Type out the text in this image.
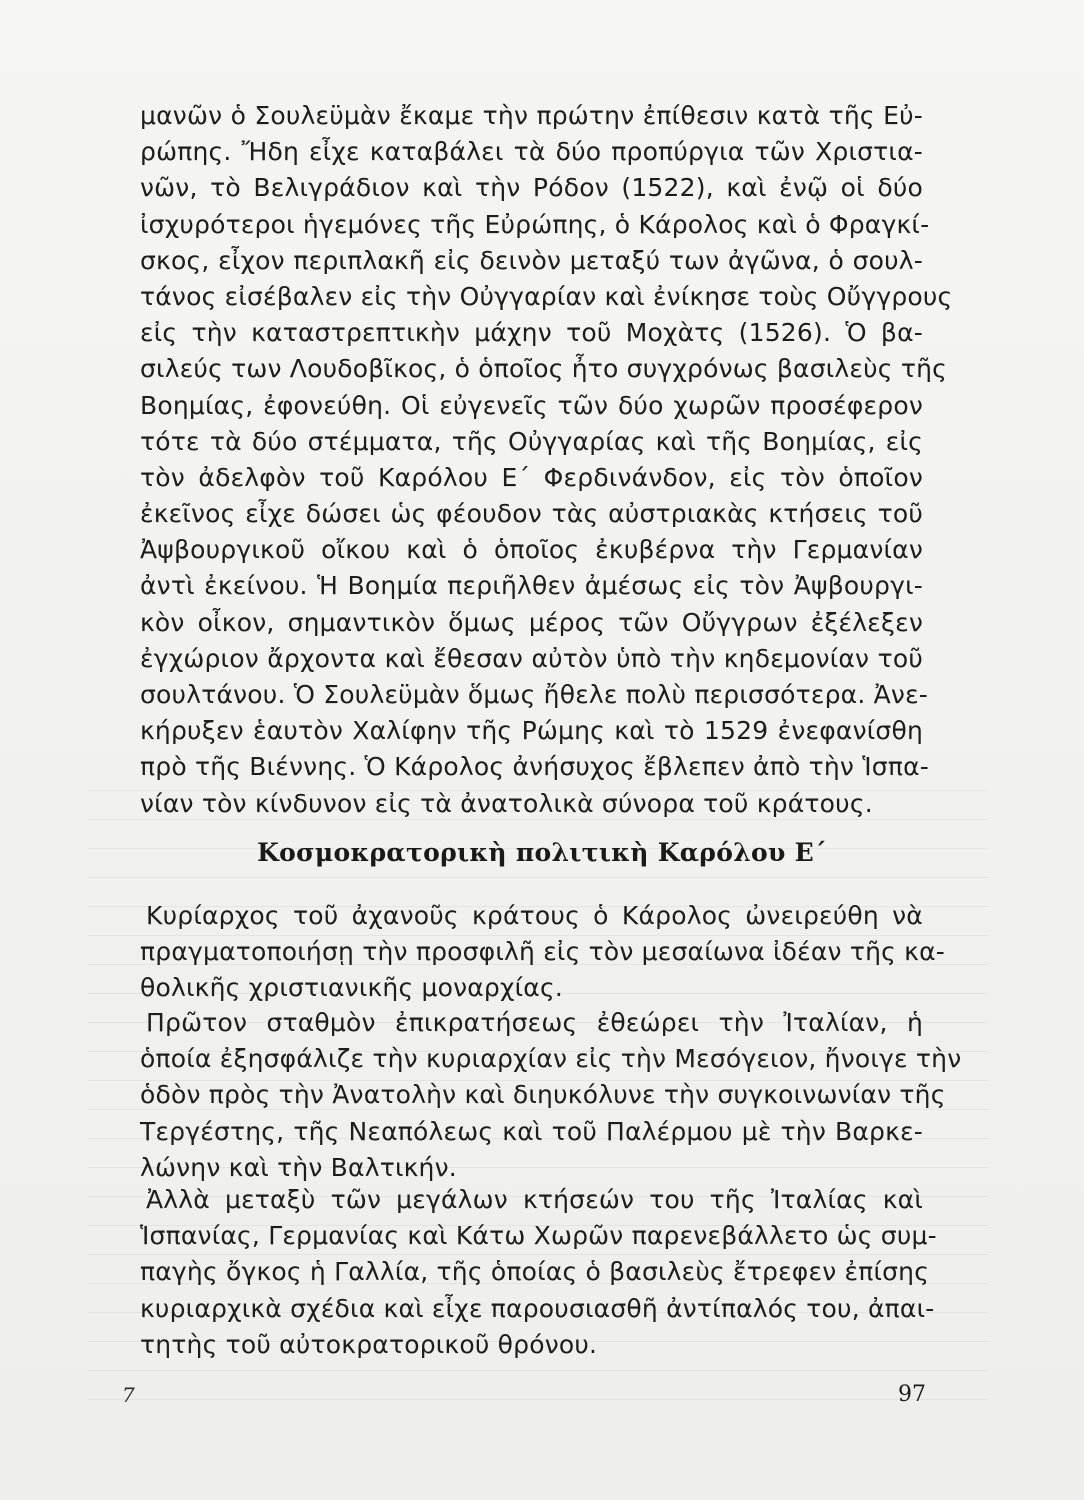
μανῶν ὁ Σουλεϋμὰν ἔκαμε τὴν πρώτην ἐπίθεσιν κατὰ τῆς Εὐ-
ρώπης. Ἤδη εἶχε καταβάλει τὰ δύο προπύργια τῶν Χριστια-
νῶν, τὸ Βελιγράδιον καὶ τὴν Ρόδον (1522), καὶ ἐνῷ οἱ δύο
ἰσχυρότεροι ἡγεμόνες τῆς Εὐρώπης, ὁ Κάρολος καὶ ὁ Φραγκί-
σκος, εἶχον περιπλακῆ εἰς δεινὸν μεταξύ των ἀγῶνα, ὁ σουλ-
τάνος εἰσέβαλεν εἰς τὴν Οὐγγαρίαν καὶ ἐνίκησε τοὺς Οὔγγρους
εἰς τὴν καταστρεπτικὴν μάχην τοῦ Μοχὰτς (1526). Ὁ βα-
σιλεύς των Λουδοβῖκος, ὁ ὁποῖος ἦτο συγχρόνως βασιλεὺς τῆς
Βοημίας, ἐφονεύθη. Οἱ εὐγενεῖς τῶν δύο χωρῶν προσέφερον
τότε τὰ δύο στέμματα, τῆς Οὐγγαρίας καὶ τῆς Βοημίας, εἰς
τὸν ἀδελφὸν τοῦ Καρόλου Ε΄ Φερδινάνδον, εἰς τὸν ὁποῖον
ἐκεῖνος εἶχε δώσει ὡς φέουδον τὰς αὐστριακὰς κτήσεις τοῦ
Ἀψβουργικοῦ οἴκου καὶ ὁ ὁποῖος ἐκυβέρνα τὴν Γερμανίαν
ἀντὶ ἐκείνου. Ἡ Βοημία περιῆλθεν ἀμέσως εἰς τὸν Ἀψβουργι-
κὸν οἶκον, σημαντικὸν ὅμως μέρος τῶν Οὔγγρων ἐξέλεξεν
ἐγχώριον ἄρχοντα καὶ ἔθεσαν αὐτὸν ὑπὸ τὴν κηδεμονίαν τοῦ
σουλτάνου. Ὁ Σουλεϋμὰν ὅμως ἤθελε πολὺ περισσότερα. Ἀνε-
κήρυξεν ἑαυτὸν Χαλίφην τῆς Ρώμης καὶ τὸ 1529 ἐνεφανίσθη
πρὸ τῆς Βιέννης. Ὁ Κάρολος ἀνήσυχος ἔβλεπεν ἀπὸ τὴν Ἱσπα-
νίαν τὸν κίνδυνον εἰς τὰ ἀνατολικὰ σύνορα τοῦ κράτους.
Κοσμοκρατορικὴ πολιτικὴ Καρόλου Ε΄
Κυρίαρχος τοῦ ἀχανοῦς κράτους ὁ Κάρολος ὠνειρεύθη νὰ
πραγματοποιήσῃ τὴν προσφιλῆ εἰς τὸν μεσαίωνα ἰδέαν τῆς κα-
θολικῆς χριστιανικῆς μοναρχίας.
Πρῶτον σταθμὸν ἐπικρατήσεως ἐθεώρει τὴν Ἰταλίαν, ἡ
ὁποία ἐξησφάλιζε τὴν κυριαρχίαν εἰς τὴν Μεσόγειον, ἤνοιγε τὴν
ὁδὸν πρὸς τὴν Ἀνατολὴν καὶ διηυκόλυνε τὴν συγκοινωνίαν τῆς
Τεργέστης, τῆς Νεαπόλεως καὶ τοῦ Παλέρμου μὲ τὴν Βαρκε-
λώνην καὶ τὴν Βαλτικήν.
Ἀλλὰ μεταξὺ τῶν μεγάλων κτήσεών του τῆς Ἰταλίας καὶ
Ἱσπανίας, Γερμανίας καὶ Κάτω Χωρῶν παρενεβάλλετο ὡς συμ-
παγὴς ὄγκος ἡ Γαλλία, τῆς ὁποίας ὁ βασιλεὺς ἔτρεφεν ἐπίσης
κυριαρχικὰ σχέδια καὶ εἶχε παρουσιασθῆ ἀντίπαλός του, ἀπαι-
τητὴς τοῦ αὐτοκρατορικοῦ θρόνου.
7	97
